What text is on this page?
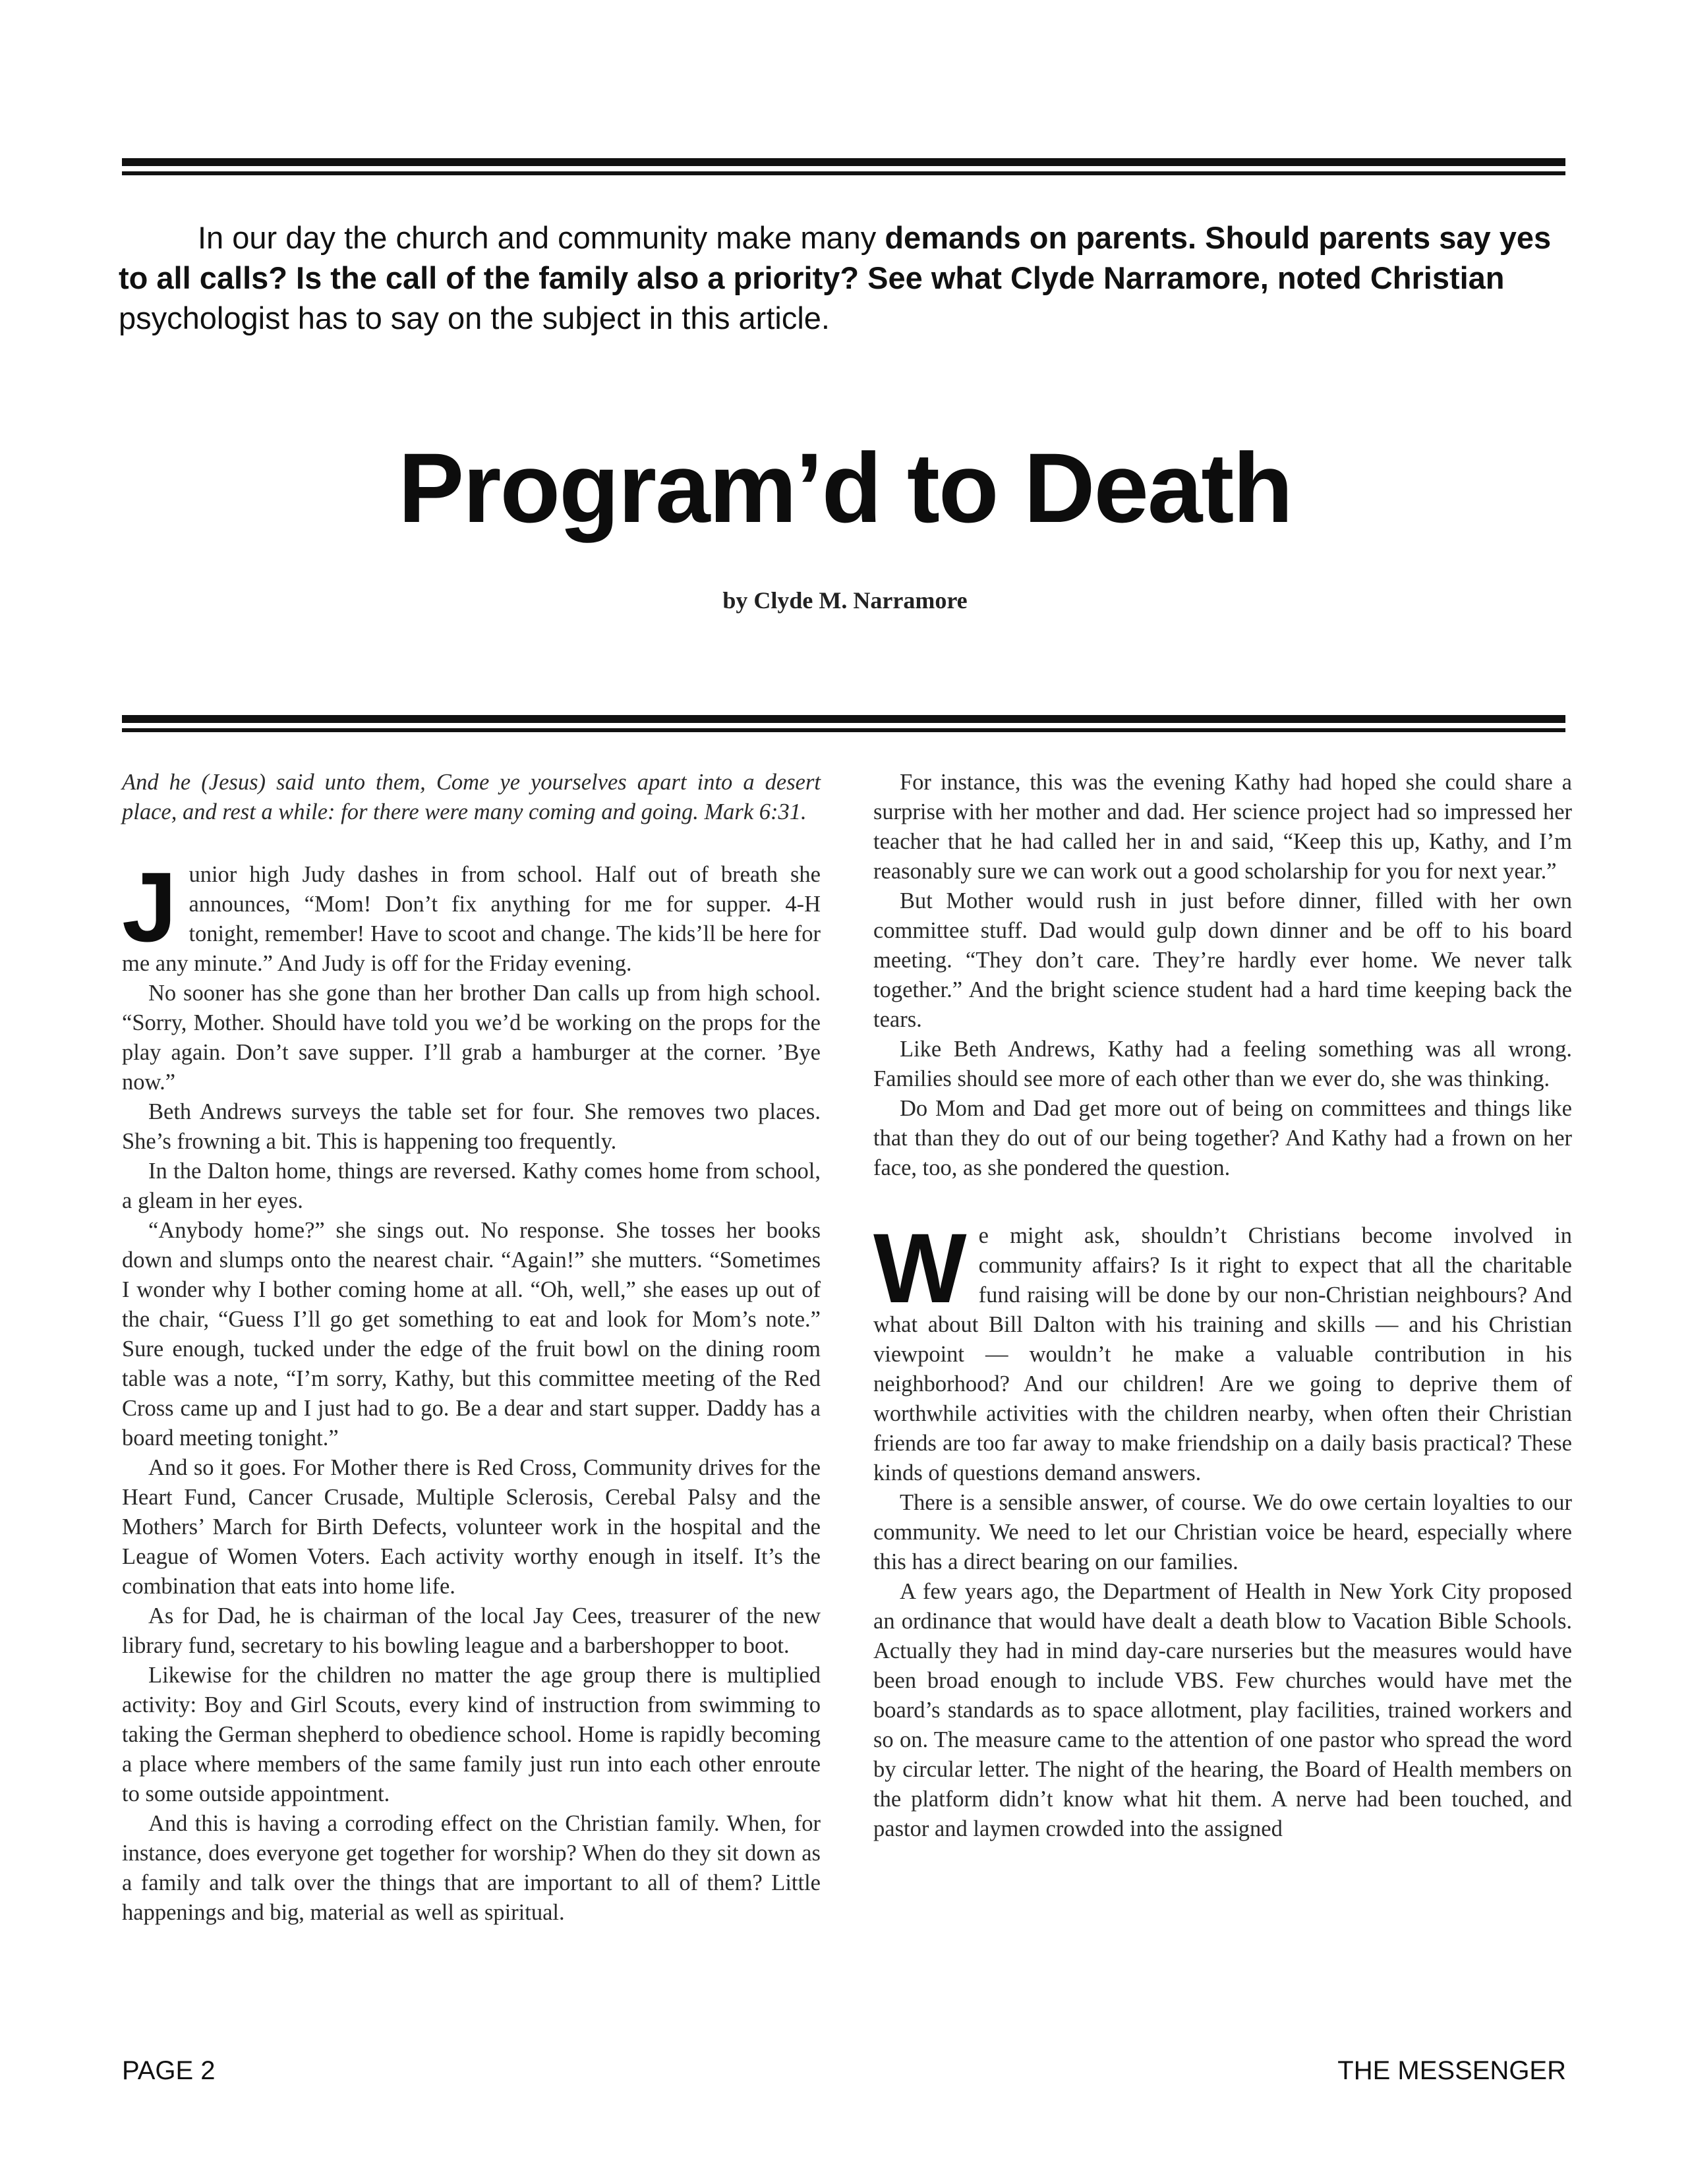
In our day the church and community make many demands on parents. Should parents say yes to all calls? Is the call of the family also a priority? See what Clyde Narramore, noted Christian psychologist has to say on the subject in this article.
Program’d to Death
by Clyde M. Narramore

And he (Jesus) said unto them, Come ye yourselves apart into a desert place, and rest a while: for there were many coming and going. Mark 6:31.

Junior high Judy dashes in from school. Half out of breath she announces, “Mom! Don’t fix anything for me for supper. 4-H tonight, remember! Have to scoot and change. The kids’ll be here for me any minute.” And Judy is off for the Friday evening.

No sooner has she gone than her brother Dan calls up from high school. “Sorry, Mother. Should have told you we’d be working on the props for the play again. Don’t save supper. I’ll grab a hamburger at the corner. ’Bye now.”

Beth Andrews surveys the table set for four. She removes two places. She’s frowning a bit. This is happening too frequently.

In the Dalton home, things are reversed. Kathy comes home from school, a gleam in her eyes.

“Anybody home?” she sings out. No response. She tosses her books down and slumps onto the nearest chair. “Again!” she mutters. “Sometimes I wonder why I bother coming home at all. “Oh, well,” she eases up out of the chair, “Guess I’ll go get something to eat and look for Mom’s note.” Sure enough, tucked under the edge of the fruit bowl on the dining room table was a note, “I’m sorry, Kathy, but this committee meeting of the Red Cross came up and I just had to go. Be a dear and start supper. Daddy has a board meeting tonight.”

And so it goes. For Mother there is Red Cross, Community drives for the Heart Fund, Cancer Crusade, Multiple Sclerosis, Cerebal Palsy and the Mothers’ March for Birth Defects, volunteer work in the hospital and the League of Women Voters. Each activity worthy enough in itself. It’s the combination that eats into home life.

As for Dad, he is chairman of the local Jay Cees, treasurer of the new library fund, secretary to his bowling league and a barbershopper to boot.

Likewise for the children no matter the age group there is multiplied activity: Boy and Girl Scouts, every kind of instruction from swimming to taking the German shepherd to obedience school. Home is rapidly becoming a place where members of the same family just run into each other enroute to some outside appointment.

And this is having a corroding effect on the Christian family. When, for instance, does everyone get together for worship? When do they sit down as a family and talk over the things that are important to all of them? Little happenings and big, material as well as spiritual.

For instance, this was the evening Kathy had hoped she could share a surprise with her mother and dad. Her science project had so impressed her teacher that he had called her in and said, “Keep this up, Kathy, and I’m reasonably sure we can work out a good scholarship for you for next year.”

But Mother would rush in just before dinner, filled with her own committee stuff. Dad would gulp down dinner and be off to his board meeting. “They don’t care. They’re hardly ever home. We never talk together.” And the bright science student had a hard time keeping back the tears.

Like Beth Andrews, Kathy had a feeling something was all wrong. Families should see more of each other than we ever do, she was thinking.

Do Mom and Dad get more out of being on committees and things like that than they do out of our being together? And Kathy had a frown on her face, too, as she pondered the question.

We might ask, shouldn’t Christians become involved in community affairs? Is it right to expect that all the charitable fund raising will be done by our non-Christian neighbours? And what about Bill Dalton with his training and skills — and his Christian viewpoint — wouldn’t he make a valuable contribution in his neighborhood? And our children! Are we going to deprive them of worthwhile activities with the children nearby, when often their Christian friends are too far away to make friendship on a daily basis practical? These kinds of questions demand answers.

There is a sensible answer, of course. We do owe certain loyalties to our community. We need to let our Christian voice be heard, especially where this has a direct bearing on our families.

A few years ago, the Department of Health in New York City proposed an ordinance that would have dealt a death blow to Vacation Bible Schools. Actually they had in mind day-care nurseries but the measures would have been broad enough to include VBS. Few churches would have met the board’s standards as to space allotment, play facilities, trained workers and so on. The measure came to the attention of one pastor who spread the word by circular letter. The night of the hearing, the Board of Health members on the platform didn’t know what hit them. A nerve had been touched, and pastor and laymen crowded into the assigned

PAGE 2	THE MESSENGER
